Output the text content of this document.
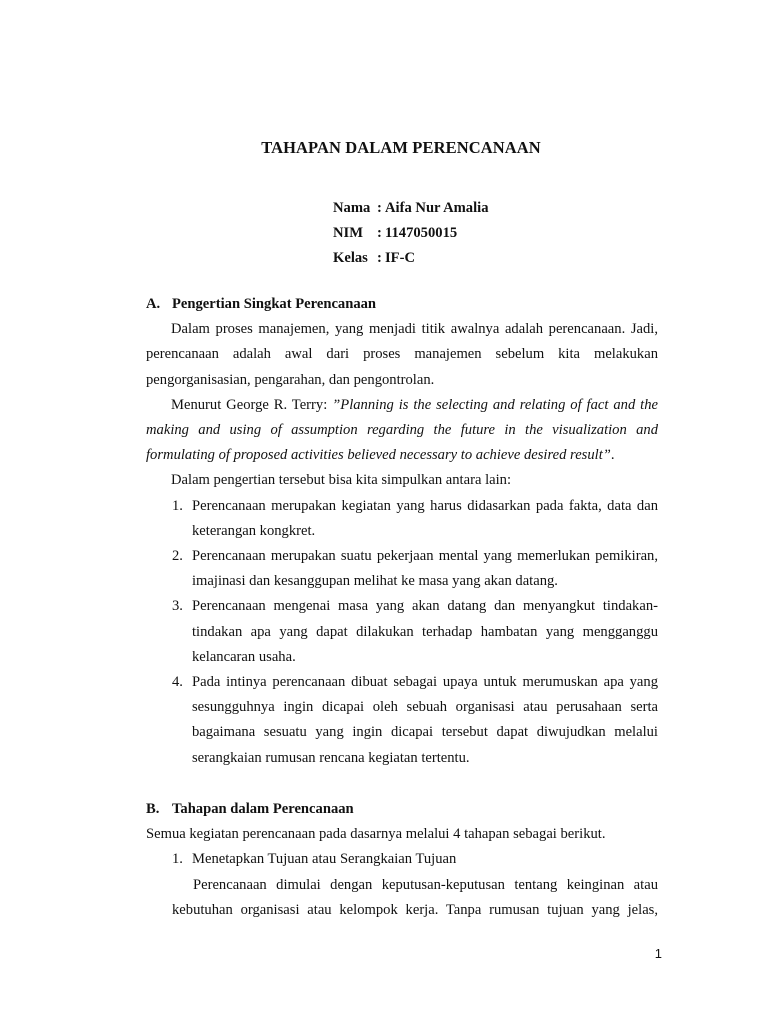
TAHAPAN DALAM PERENCANAAN
Nama : Aifa Nur Amalia
NIM : 1147050015
Kelas : IF-C
A. Pengertian Singkat Perencanaan

Dalam proses manajemen, yang menjadi titik awalnya adalah perencanaan. Jadi, perencanaan adalah awal dari proses manajemen sebelum kita melakukan pengorganisasian, pengarahan, dan pengontrolan.

Menurut George R. Terry: ”Planning is the selecting and relating of fact and the making and using of assumption regarding the future in the visualization and formulating of proposed activities believed necessary to achieve desired result”.

Dalam pengertian tersebut bisa kita simpulkan antara lain:

1. Perencanaan merupakan kegiatan yang harus didasarkan pada fakta, data dan keterangan kongkret.
2. Perencanaan merupakan suatu pekerjaan mental yang memerlukan pemikiran, imajinasi dan kesanggupan melihat ke masa yang akan datang.
3. Perencanaan mengenai masa yang akan datang dan menyangkut tindakan-tindakan apa yang dapat dilakukan terhadap hambatan yang mengganggu kelancaran usaha.
4. Pada intinya perencanaan dibuat sebagai upaya untuk merumuskan apa yang sesungguhnya ingin dicapai oleh sebuah organisasi atau perusahaan serta bagaimana sesuatu yang ingin dicapai tersebut dapat diwujudkan melalui serangkaian rumusan rencana kegiatan tertentu.
B. Tahapan dalam Perencanaan

Semua kegiatan perencanaan pada dasarnya melalui 4 tahapan sebagai berikut.

1. Menetapkan Tujuan atau Serangkaian Tujuan

Perencanaan dimulai dengan keputusan-keputusan tentang keinginan atau kebutuhan organisasi atau kelompok kerja. Tanpa rumusan tujuan yang jelas,

1
